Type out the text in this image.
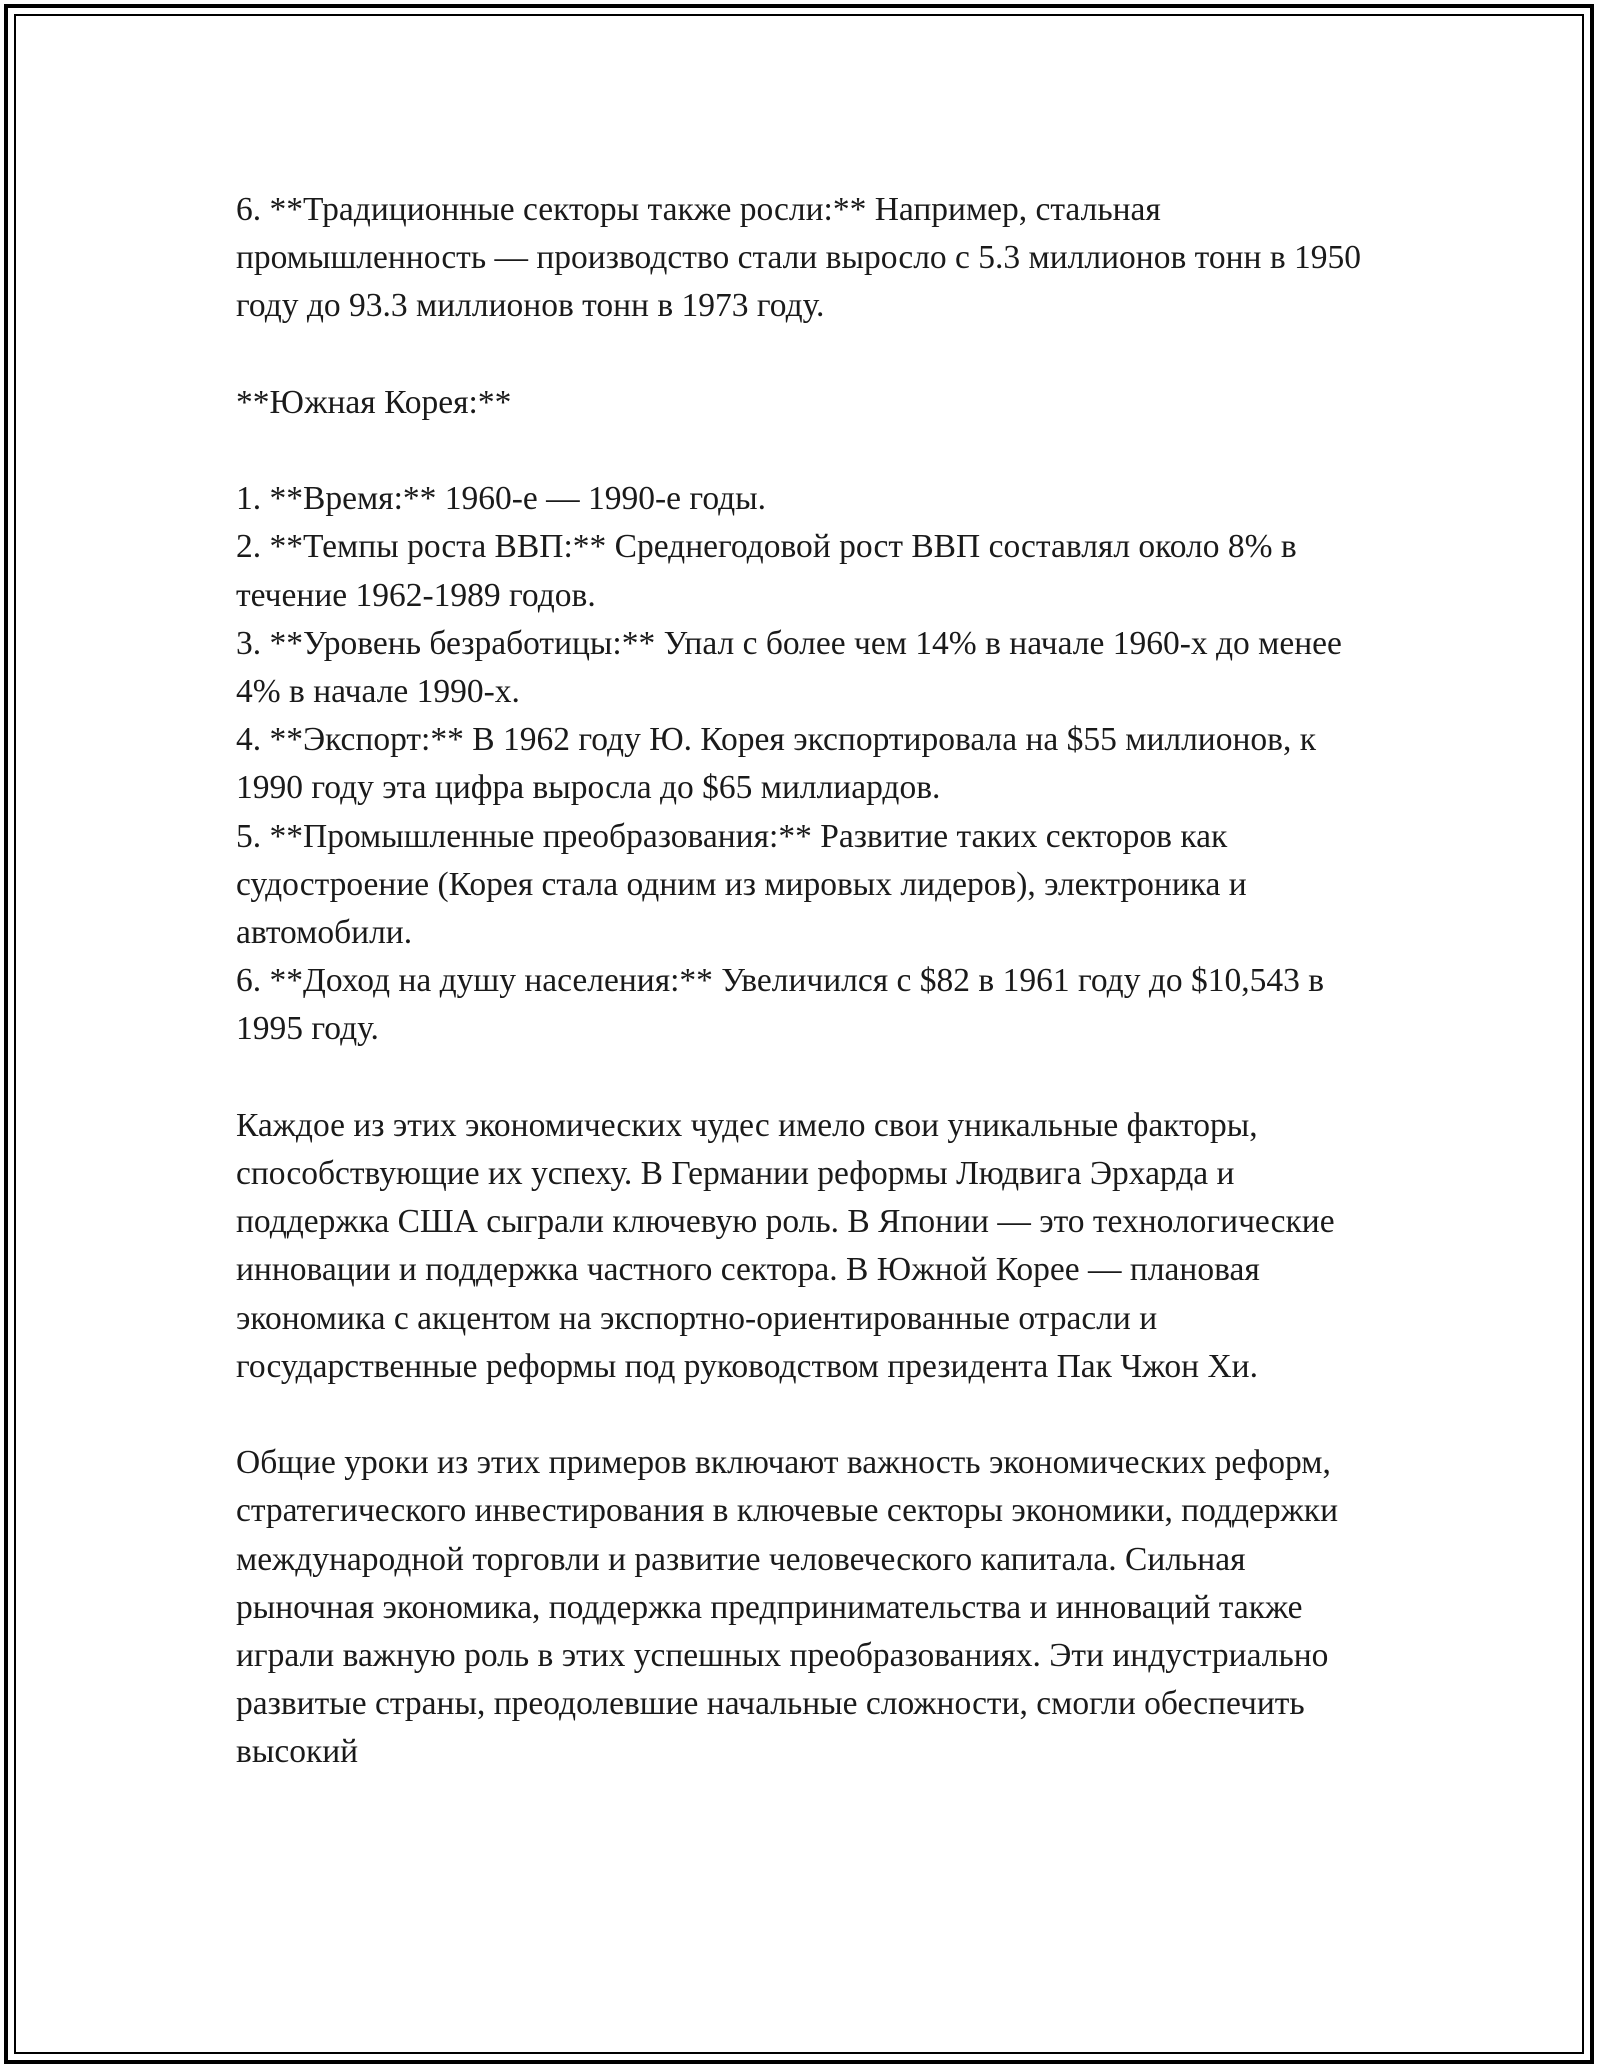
6. **Традиционные секторы также росли:** Например, стальная промышленность — производство стали выросло с 5.3 миллионов тонн в 1950 году до 93.3 миллионов тонн в 1973 году.

**Южная Корея:**

1. **Время:** 1960-е — 1990-е годы.

2. **Темпы роста ВВП:** Среднегодовой рост ВВП составлял около 8% в течение 1962-1989 годов.

3. **Уровень безработицы:** Упал с более чем 14% в начале 1960-х до менее 4% в начале 1990-х.

4. **Экспорт:** В 1962 году Ю. Корея экспортировала на $55 миллионов, к 1990 году эта цифра выросла до $65 миллиардов.

5. **Промышленные преобразования:** Развитие таких секторов как судостроение (Корея стала одним из мировых лидеров), электроника и автомобили.

6. **Доход на душу населения:** Увеличился с $82 в 1961 году до $10,543 в 1995 году.

Каждое из этих экономических чудес имело свои уникальные факторы, способствующие их успеху. В Германии реформы Людвига Эрхарда и поддержка США сыграли ключевую роль. В Японии — это технологические инновации и поддержка частного сектора. В Южной Корее — плановая экономика с акцентом на экспортно-ориентированные отрасли и государственные реформы под руководством президента Пак Чжон Хи.

Общие уроки из этих примеров включают важность экономических реформ, стратегического инвестирования в ключевые секторы экономики, поддержки международной торговли и развитие человеческого капитала. Сильная рыночная экономика, поддержка предпринимательства и инноваций также играли важную роль в этих успешных преобразованиях. Эти индустриально развитые страны, преодолевшие начальные сложности, смогли обеспечить высокий
